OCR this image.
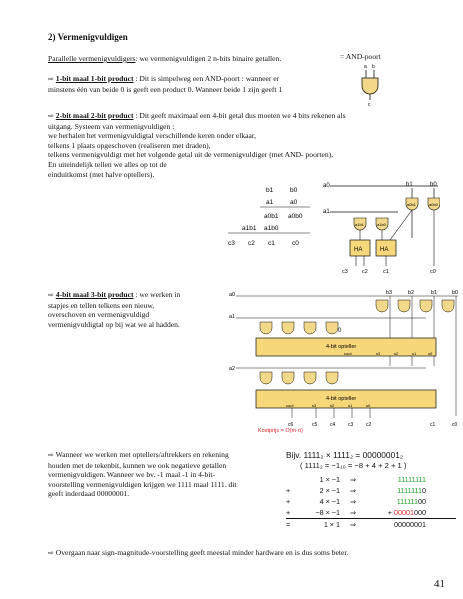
2) Vermenigvuldigen
Parallelle vermenigvuldigers: we vermenigvuldigen 2 n-bits binaire getallen.	= AND-poort
a b
c
⇨ 1-bit maal 1-bit product : Dit is simpelweg een AND-poort : wanneer er
minstens één van beide 0 is geeft een product 0. Wanneer beide 1 zijn geeft 1
⇨ 2-bit maal 2-bit product : Dit geeft maximaal een 4-bit getal dus moeten we 4 bits rekenen als
uitgang. Systeem van vermenigvuldigen :
we herhalen het vermenigvuldigtal verschillende keren onder elkaar,
telkens 1 plaats opgeschoven (realiseren met draden),
telkens vermenigvuldigt met het volgende getal uit de vermenigvuldiger (met AND- poorten),
En uiteindelijk tellen we alles op tot de
einduitkomst (met halve optellers).
b1	b0
a1	a0
a0b1 a0b0
a1b1 a1b0
c3 c2 c1	c0
a0
a1
b1	b0
a0b1	a0b0
a1b1	a1b0
HA	HA
c3	c2	c1	c0
⇨ 4-bit maal 3-bit product : we werken in
stapjes en tellen telkens een nieuw,
overschoven en vermenigvuldigd
vermenigvuldigtal op bij wat we al hadden.
b3	b2	b1	b0
a0
a1
a2
0
4-bit opteller
cout	s3	s2	s1	s0
4-bit opteller
cout	s3	s2	s1	s0
c6	c5	c4	c3	c2	c1	c0
Kostprijs = O(m·n)
⇨ Wanneer we werken met optellers/aftrekkers en rekening
houden met de tekenbit, kunnen we ook negatieve getallen
vermenigvuldigen. Wanneer we bv. -1 maal -1 in 4-bit-
voorstelling vermenigvuldigen krijgen we 1111 maal 1111. dit
geeft inderdaad 00000001.
Bijv. 1111₂ × 1111₂ = 00000001₂
( 1111₂ = −1₁₀ = −8 + 4 + 2 + 1 )
1 × −1	⇒	11111111
+	2 × −1	⇒	11111110
+	4 × −1	⇒	11111100
+	−8 × −1	⇒	+ 00001000
=	1 × 1	⇒	00000001
⇨ Overgaan naar sign-magnitude-voorstelling geeft meestal minder hardware en is dus soms beter.
41
